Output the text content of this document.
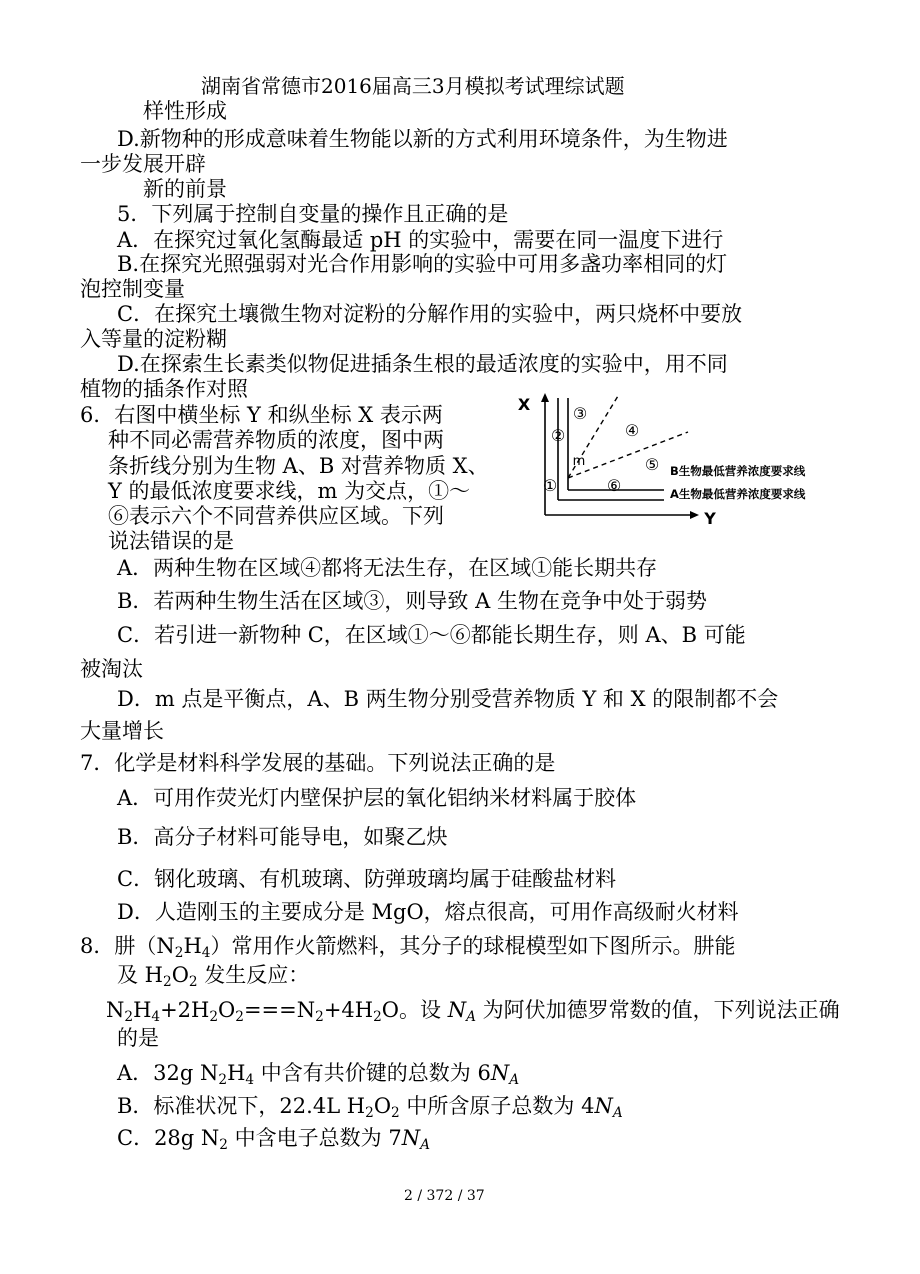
湖南省常德市2016届高三3月模拟考试理综试题
样性形成
D.新物种的形成意味着生物能以新的方式利用环境条件，为生物进
一步发展开辟
新的前景
5．下列属于控制自变量的操作且正确的是
A．在探究过氧化氢酶最适 pH 的实验中，需要在同一温度下进行
B.在探究光照强弱对光合作用影响的实验中可用多盏功率相同的灯
泡控制变量
C．在探究土壤微生物对淀粉的分解作用的实验中，两只烧杯中要放
入等量的淀粉糊
D.在探索生长素类似物促进插条生根的最适浓度的实验中，用不同
植物的插条作对照
6．右图中横坐标 Y 和纵坐标 X 表示两
种不同必需营养物质的浓度，图中两
条折线分别为生物 A、B 对营养物质 X、
Y 的最低浓度要求线，m 为交点，①～
⑥表示六个不同营养供应区域。下列
说法错误的是
A．两种生物在区域④都将无法生存，在区域①能长期共存
B．若两种生物生活在区域③，则导致 A 生物在竞争中处于弱势
C．若引进一新物种 C，在区域①～⑥都能长期生存，则 A、B 可能
被淘汰
D．m 点是平衡点，A、B 两生物分别受营养物质 Y 和 X 的限制都不会
大量增长
7．化学是材料科学发展的基础。下列说法正确的是
A．可用作荧光灯内壁保护层的氧化铝纳米材料属于胶体
B．高分子材料可能导电，如聚乙炔
C．钢化玻璃、有机玻璃、防弹玻璃均属于硅酸盐材料
D．人造刚玉的主要成分是 MgO，熔点很高，可用作高级耐火材料
8．肼$(N_2H_4)$常用作火箭燃料，其分子的球棍模型如下图所示。肼能
及 $H_2O_2$ 发生反应：
$N_2H_4+2H_2O_2===N_2+4H_2O$。设 $N_A$ 为阿伏加德罗常数的值，下列说法正确
的是
A．32g $N_2H_4$ 中含有共价键的总数为 $6N_A$
B．标准状况下，22.4L $H_2O_2$ 中所含原子总数为 $4N_A$
C．28g $N_2$ 中含电子总数为 $7N_A$
2 / 372 / 37
X
Y
①
②
③
④
⑤
⑥
m
B生物最低营养浓度要求线
A生物最低营养浓度要求线
